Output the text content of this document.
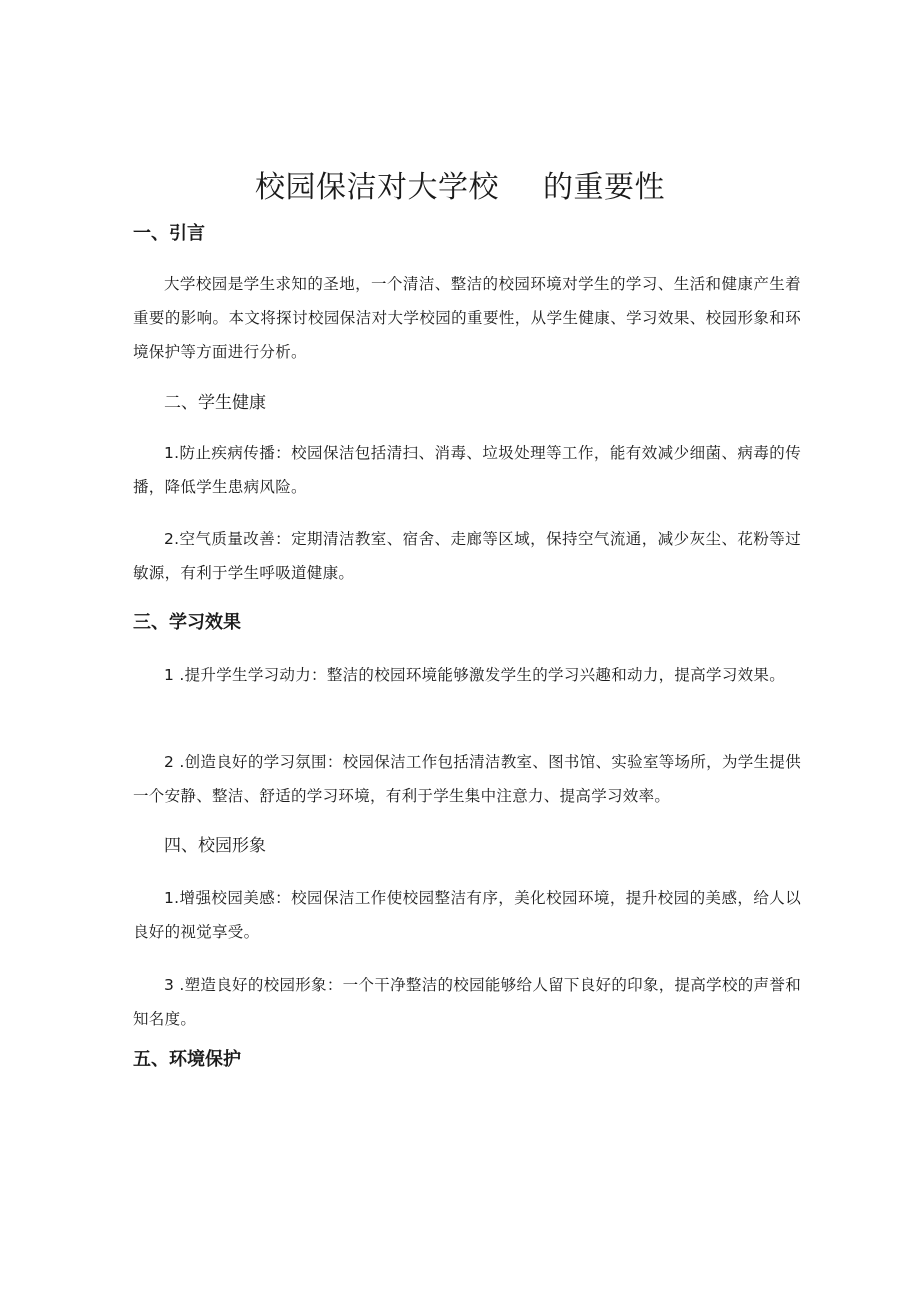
校园保洁对大学校 的重要性
一、引言

大学校园是学生求知的圣地，一个清洁、整洁的校园环境对学生的学习、生活和健康产生着重要的影响。本文将探讨校园保洁对大学校园的重要性，从学生健康、学习效果、校园形象和环境保护等方面进行分析。

二、学生健康

1.防止疾病传播：校园保洁包括清扫、消毒、垃圾处理等工作，能有效减少细菌、病毒的传播，降低学生患病风险。

2.空气质量改善：定期清洁教室、宿舍、走廊等区域，保持空气流通，减少灰尘、花粉等过敏源，有利于学生呼吸道健康。

三、学习效果

1 .提升学生学习动力：整洁的校园环境能够激发学生的学习兴趣和动力，提高学习效果。

2 .创造良好的学习氛围：校园保洁工作包括清洁教室、图书馆、实验室等场所，为学生提供一个安静、整洁、舒适的学习环境，有利于学生集中注意力、提高学习效率。

四、校园形象

1.增强校园美感：校园保洁工作使校园整洁有序，美化校园环境，提升校园的美感，给人以良好的视觉享受。

3 .塑造良好的校园形象：一个干净整洁的校园能够给人留下良好的印象，提高学校的声誉和知名度。

五、环境保护
